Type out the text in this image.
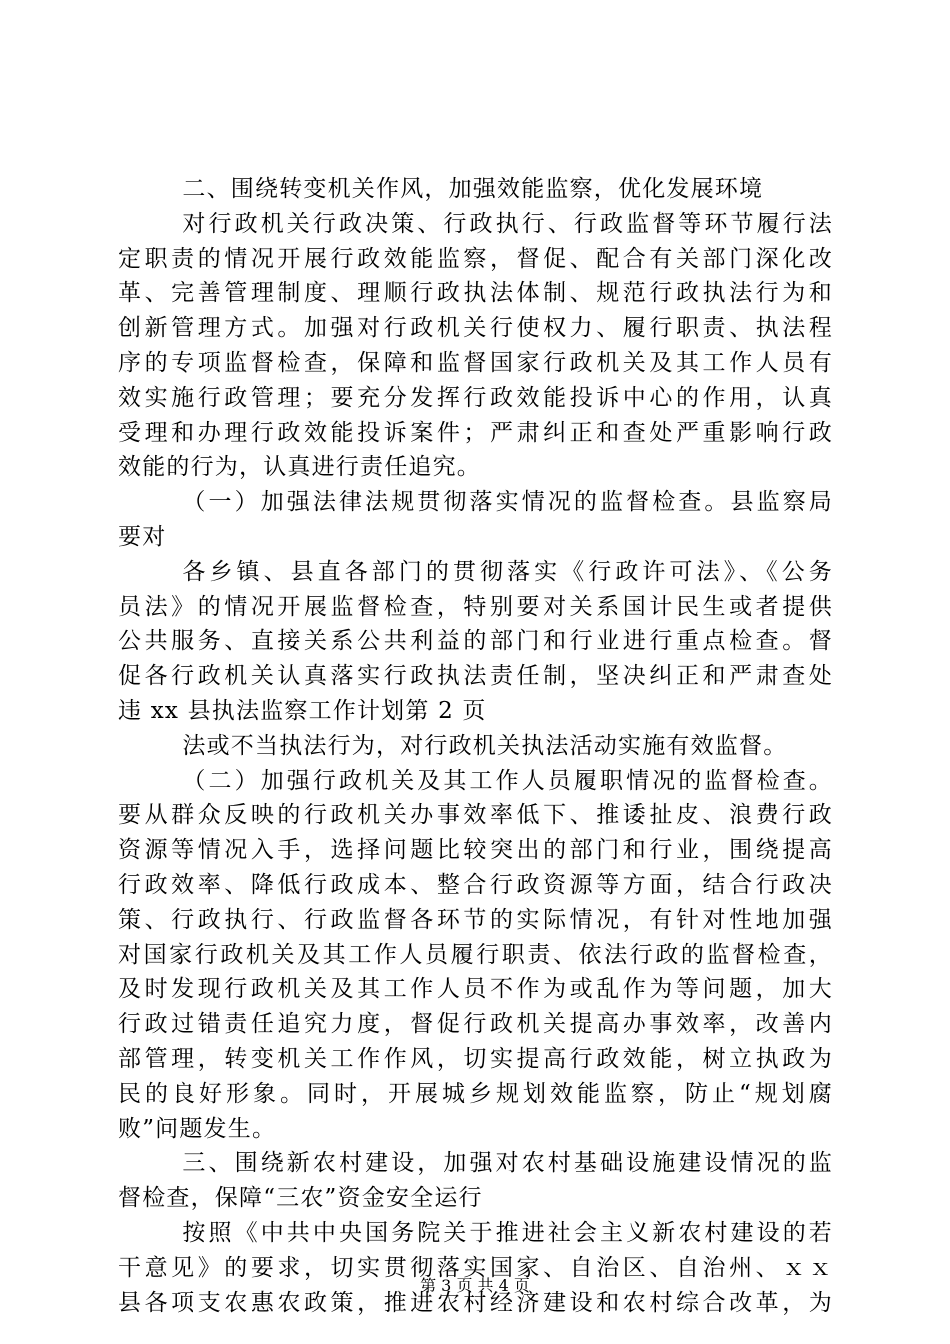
二、围绕转变机关作风，加强效能监察，优化发展环境
对行政机关行政决策、行政执行、行政监督等环节履行法
定职责的情况开展行政效能监察，督促、配合有关部门深化改
革、完善管理制度、理顺行政执法体制、规范行政执法行为和
创新管理方式。加强对行政机关行使权力、履行职责、执法程
序的专项监督检查，保障和监督国家行政机关及其工作人员有
效实施行政管理；要充分发挥行政效能投诉中心的作用，认真
受理和办理行政效能投诉案件；严肃纠正和查处严重影响行政
效能的行为，认真进行责任追究。
（一）加强法律法规贯彻落实情况的监督检查。县监察局
要对
各乡镇、县直各部门的贯彻落实《行政许可法》、《公务
员法》的情况开展监督检查，特别要对关系国计民生或者提供
公共服务、直接关系公共利益的部门和行业进行重点检查。督
促各行政机关认真落实行政执法责任制，坚决纠正和严肃查处
违 xx 县执法监察工作计划第 2 页
法或不当执法行为，对行政机关执法活动实施有效监督。
（二）加强行政机关及其工作人员履职情况的监督检查。
要从群众反映的行政机关办事效率低下、推诿扯皮、浪费行政
资源等情况入手，选择问题比较突出的部门和行业，围绕提高
行政效率、降低行政成本、整合行政资源等方面，结合行政决
策、行政执行、行政监督各环节的实际情况，有针对性地加强
对国家行政机关及其工作人员履行职责、依法行政的监督检查，
及时发现行政机关及其工作人员不作为或乱作为等问题，加大
行政过错责任追究力度，督促行政机关提高办事效率，改善内
部管理，转变机关工作作风，切实提高行政效能，树立执政为
民的良好形象。同时，开展城乡规划效能监察，防止“规划腐
败”问题发生。
三、围绕新农村建设，加强对农村基础设施建设情况的监
督检查，保障“三农”资金安全运行
按照《中共中央国务院关于推进社会主义新农村建设的若
干意见》的要求，切实贯彻落实国家、自治区、自治州、ｘｘ
县各项支农惠农政策，推进农村经济建设和农村综合改革，为
第 3 页 共 4 页
